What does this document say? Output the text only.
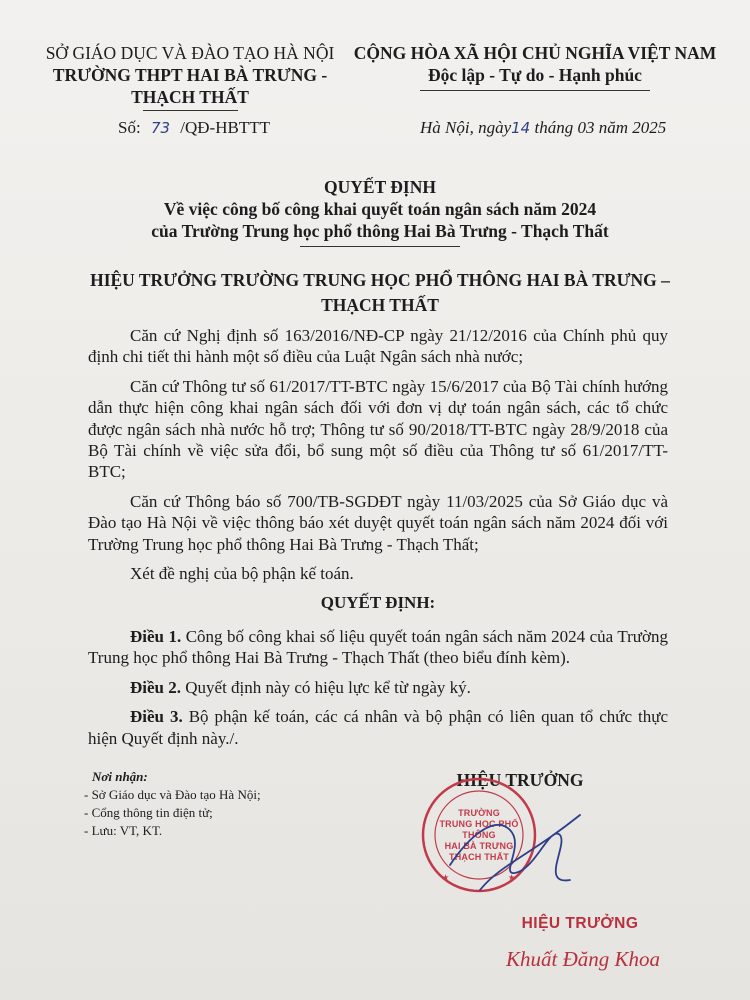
SỞ GIÁO DỤC VÀ ĐÀO TẠO HÀ NỘI
TRƯỜNG THPT HAI BÀ TRƯNG -
THẠCH THẤT
CỘNG HÒA XÃ HỘI CHỦ NGHĨA VIỆT NAM
Độc lập - Tự do - Hạnh phúc
Số: 73 /QĐ-HBTTT	Hà Nội, ngày14 tháng 03 năm 2025
QUYẾT ĐỊNH
Về việc công bố công khai quyết toán ngân sách năm 2024
của Trường Trung học phổ thông Hai Bà Trưng - Thạch Thất
HIỆU TRƯỞNG TRƯỜNG TRUNG HỌC PHỔ THÔNG HAI BÀ TRƯNG –
THẠCH THẤT

Căn cứ Nghị định số 163/2016/NĐ-CP ngày 21/12/2016 của Chính phủ quy định chi tiết thi hành một số điều của Luật Ngân sách nhà nước;

Căn cứ Thông tư số 61/2017/TT-BTC ngày 15/6/2017 của Bộ Tài chính hướng dẫn thực hiện công khai ngân sách đối với đơn vị dự toán ngân sách, các tổ chức được ngân sách nhà nước hỗ trợ; Thông tư số 90/2018/TT-BTC ngày 28/9/2018 của Bộ Tài chính về việc sửa đổi, bổ sung một số điều của Thông tư số 61/2017/TT-BTC;

Căn cứ Thông báo số 700/TB-SGDĐT ngày 11/03/2025 của Sở Giáo dục và Đào tạo Hà Nội về việc thông báo xét duyệt quyết toán ngân sách năm 2024 đối với Trường Trung học phổ thông Hai Bà Trưng - Thạch Thất;

Xét đề nghị của bộ phận kế toán.

QUYẾT ĐỊNH:

Điều 1. Công bố công khai số liệu quyết toán ngân sách năm 2024 của Trường Trung học phổ thông Hai Bà Trưng - Thạch Thất (theo biểu đính kèm).

Điều 2. Quyết định này có hiệu lực kể từ ngày ký.

Điều 3. Bộ phận kế toán, các cá nhân và bộ phận có liên quan tổ chức thực hiện Quyết định này./.

Nơi nhận:
- Sở Giáo dục và Đào tạo Hà Nội;
- Cổng thông tin điện tử;
- Lưu: VT, KT.
HIỆU TRƯỞNG
★	★
TRƯỜNG
TRUNG HỌC PHỔ THÔNG
HAI BÀ TRƯNG
THẠCH THẤT
HIỆU TRƯỞNG
Khuất Đăng Khoa
